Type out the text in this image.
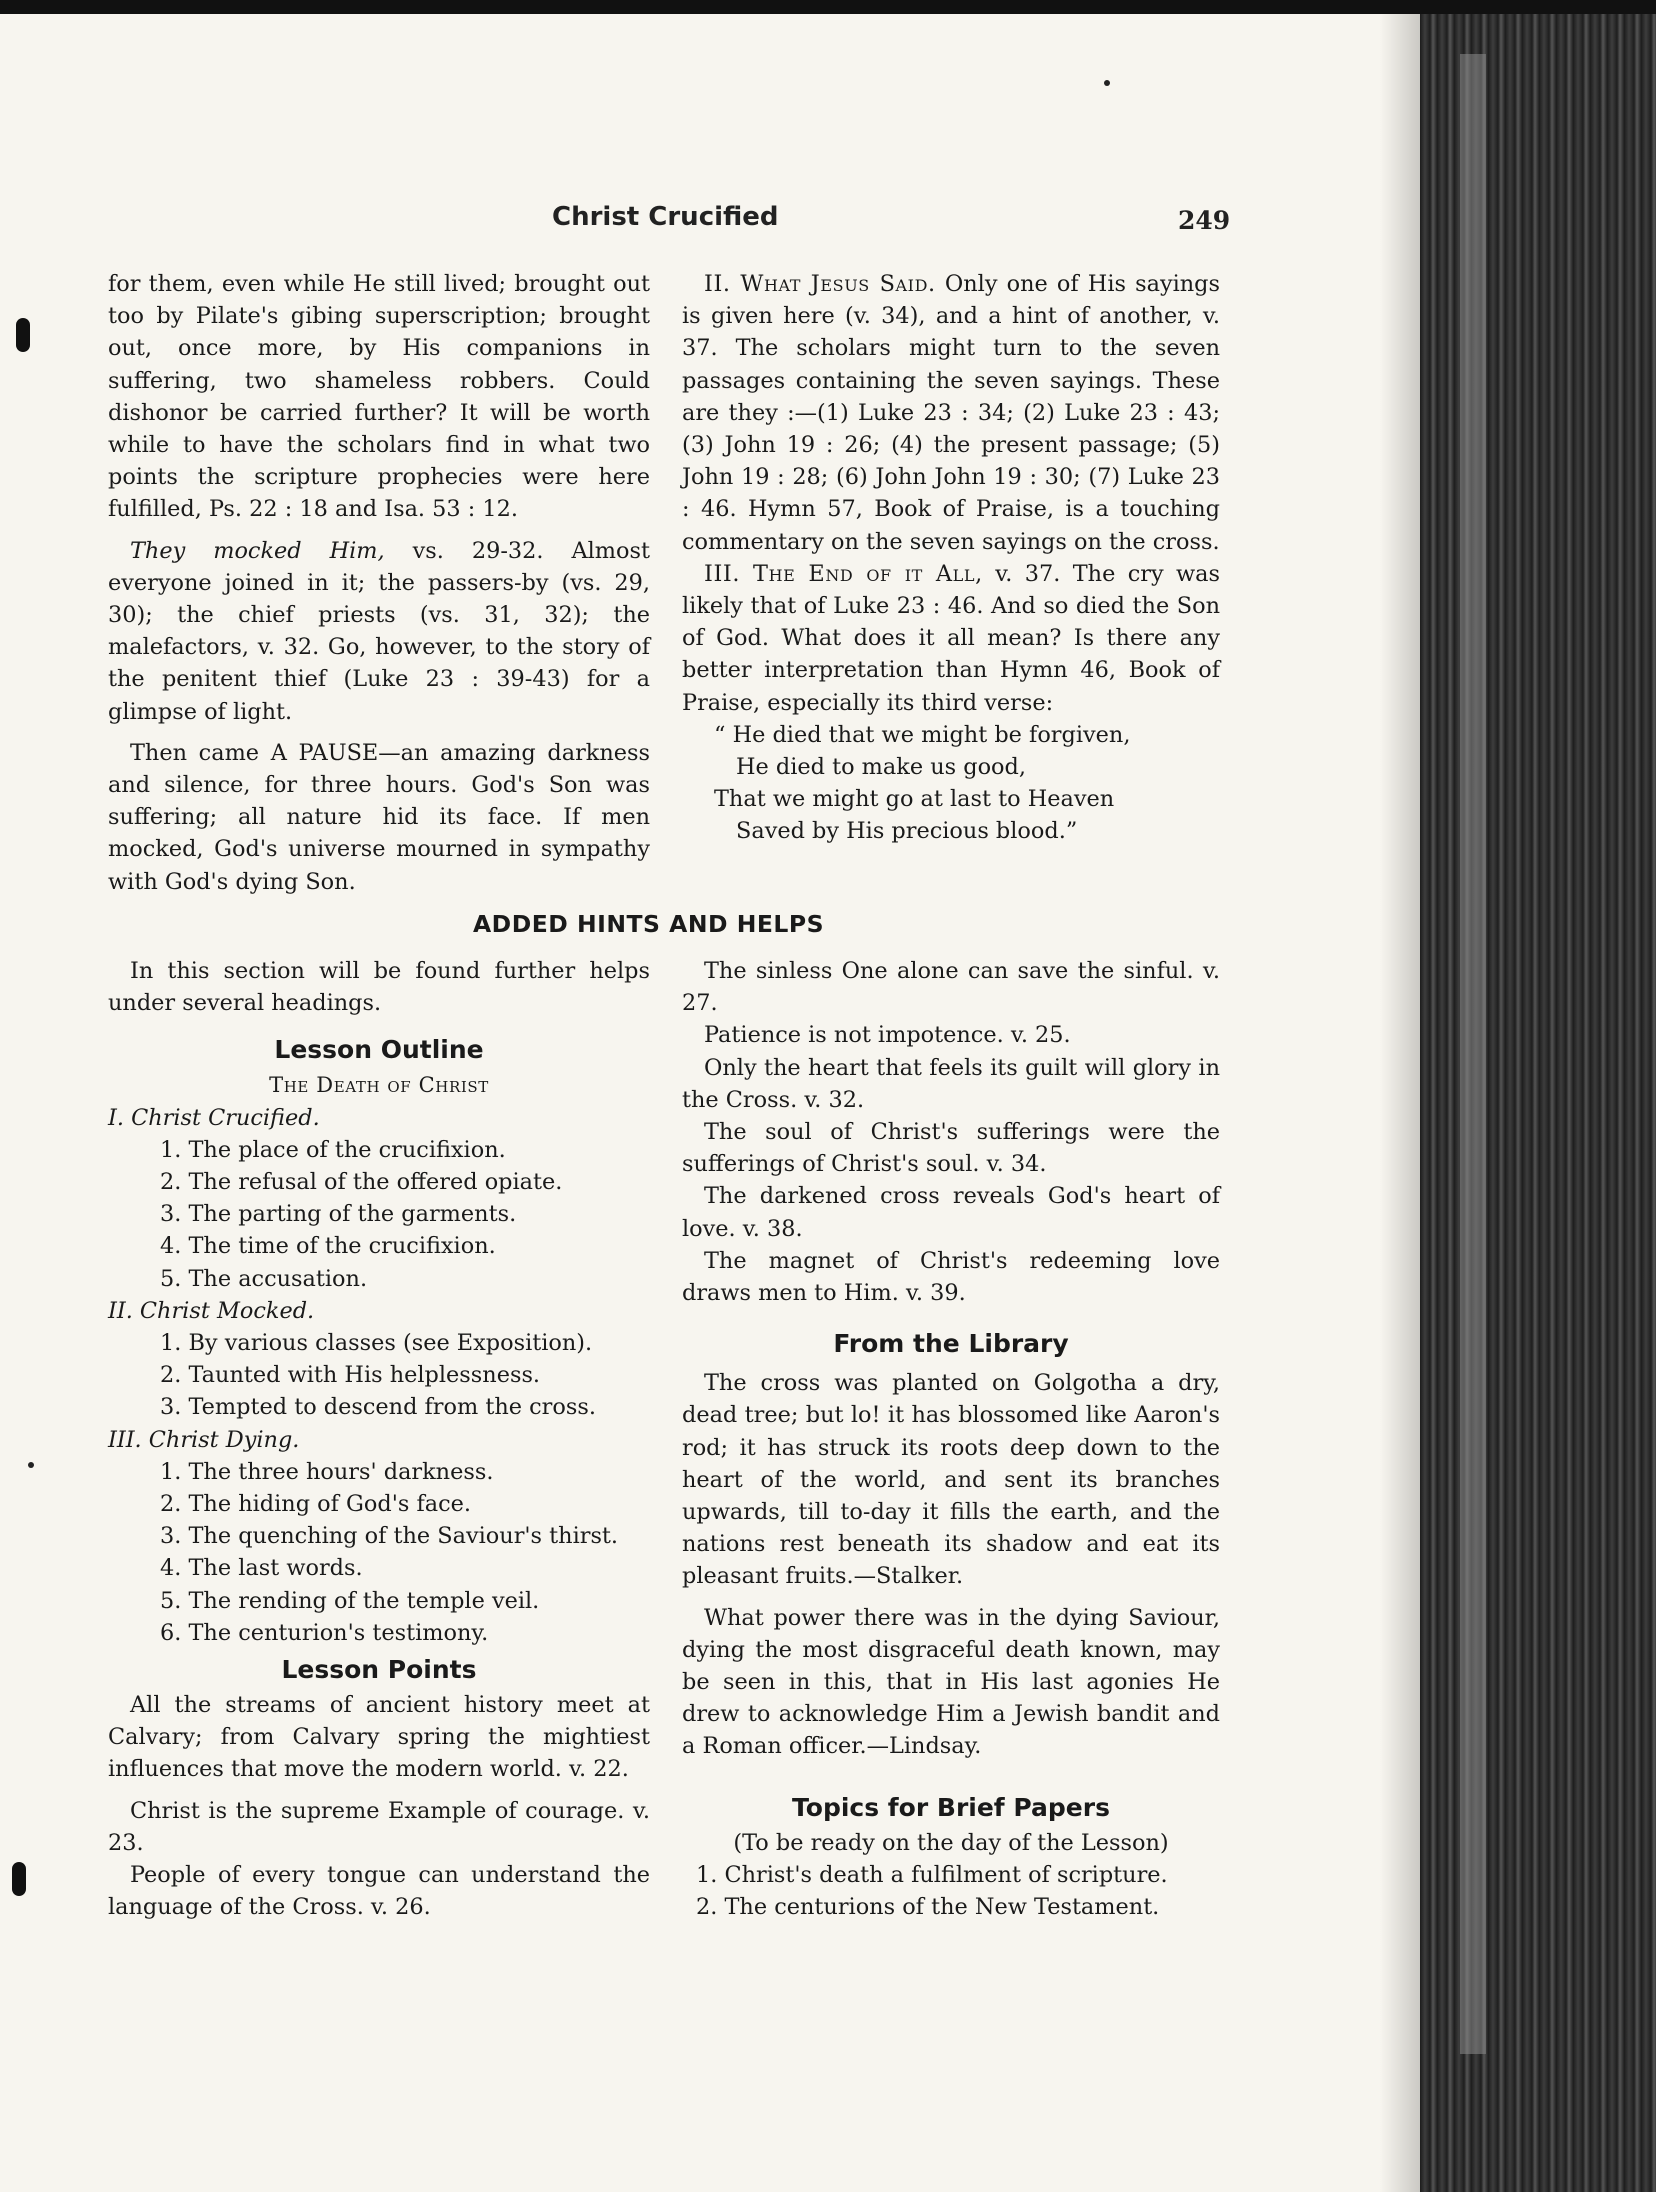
Christ Crucified	249

for them, even while He still lived; brought out too by Pilate's gibing superscription; brought out, once more, by His companions in suffering, two shameless robbers. Could dishonor be carried further? It will be worth while to have the scholars find in what two points the scripture prophecies were here fulfilled, Ps. 22 : 18 and Isa. 53 : 12.

They mocked Him, vs. 29-32. Almost everyone joined in it; the passers-by (vs. 29, 30); the chief priests (vs. 31, 32); the malefactors, v. 32. Go, however, to the story of the penitent thief (Luke 23 : 39-43) for a glimpse of light.

Then came A PAUSE—an amazing darkness and silence, for three hours. God's Son was suffering; all nature hid its face. If men mocked, God's universe mourned in sympathy with God's dying Son.

II. What Jesus Said. Only one of His sayings is given here (v. 34), and a hint of another, v. 37. The scholars might turn to the seven passages containing the seven sayings. These are they :—(1) Luke 23 : 34; (2) Luke 23 : 43; (3) John 19 : 26; (4) the present passage; (5) John 19 : 28; (6) John John 19 : 30; (7) Luke 23 : 46. Hymn 57, Book of Praise, is a touching commentary on the seven sayings on the cross.

III. The End of it All, v. 37. The cry was likely that of Luke 23 : 46. And so died the Son of God. What does it all mean? Is there any better interpretation than Hymn 46, Book of Praise, especially its third verse:

“ He died that we might be forgiven,
He died to make us good,
That we might go at last to Heaven
Saved by His precious blood.”
ADDED HINTS AND HELPS

In this section will be found further helps under several headings.

Lesson Outline
The Death of Christ
I. Christ Crucified.
1. The place of the crucifixion.
2. The refusal of the offered opiate.
3. The parting of the garments.
4. The time of the crucifixion.
5. The accusation.
II. Christ Mocked.
1. By various classes (see Exposition).
2. Taunted with His helplessness.
3. Tempted to descend from the cross.
III. Christ Dying.
1. The three hours' darkness.
2. The hiding of God's face.
3. The quenching of the Saviour's thirst.
4. The last words.
5. The rending of the temple veil.
6. The centurion's testimony.
Lesson Points

All the streams of ancient history meet at Calvary; from Calvary spring the mightiest influences that move the modern world. v. 22.

Christ is the supreme Example of courage. v. 23.

People of every tongue can understand the language of the Cross. v. 26.

The sinless One alone can save the sinful. v. 27.

Patience is not impotence. v. 25.

Only the heart that feels its guilt will glory in the Cross. v. 32.

The soul of Christ's sufferings were the sufferings of Christ's soul. v. 34.

The darkened cross reveals God's heart of love. v. 38.

The magnet of Christ's redeeming love draws men to Him. v. 39.

From the Library

The cross was planted on Golgotha a dry, dead tree; but lo! it has blossomed like Aaron's rod; it has struck its roots deep down to the heart of the world, and sent its branches upwards, till to-day it fills the earth, and the nations rest beneath its shadow and eat its pleasant fruits.—Stalker.

What power there was in the dying Saviour, dying the most disgraceful death known, may be seen in this, that in His last agonies He drew to acknowledge Him a Jewish bandit and a Roman officer.—Lindsay.

Topics for Brief Papers
(To be ready on the day of the Lesson)
1. Christ's death a fulfilment of scripture.
2. The centurions of the New Testament.
